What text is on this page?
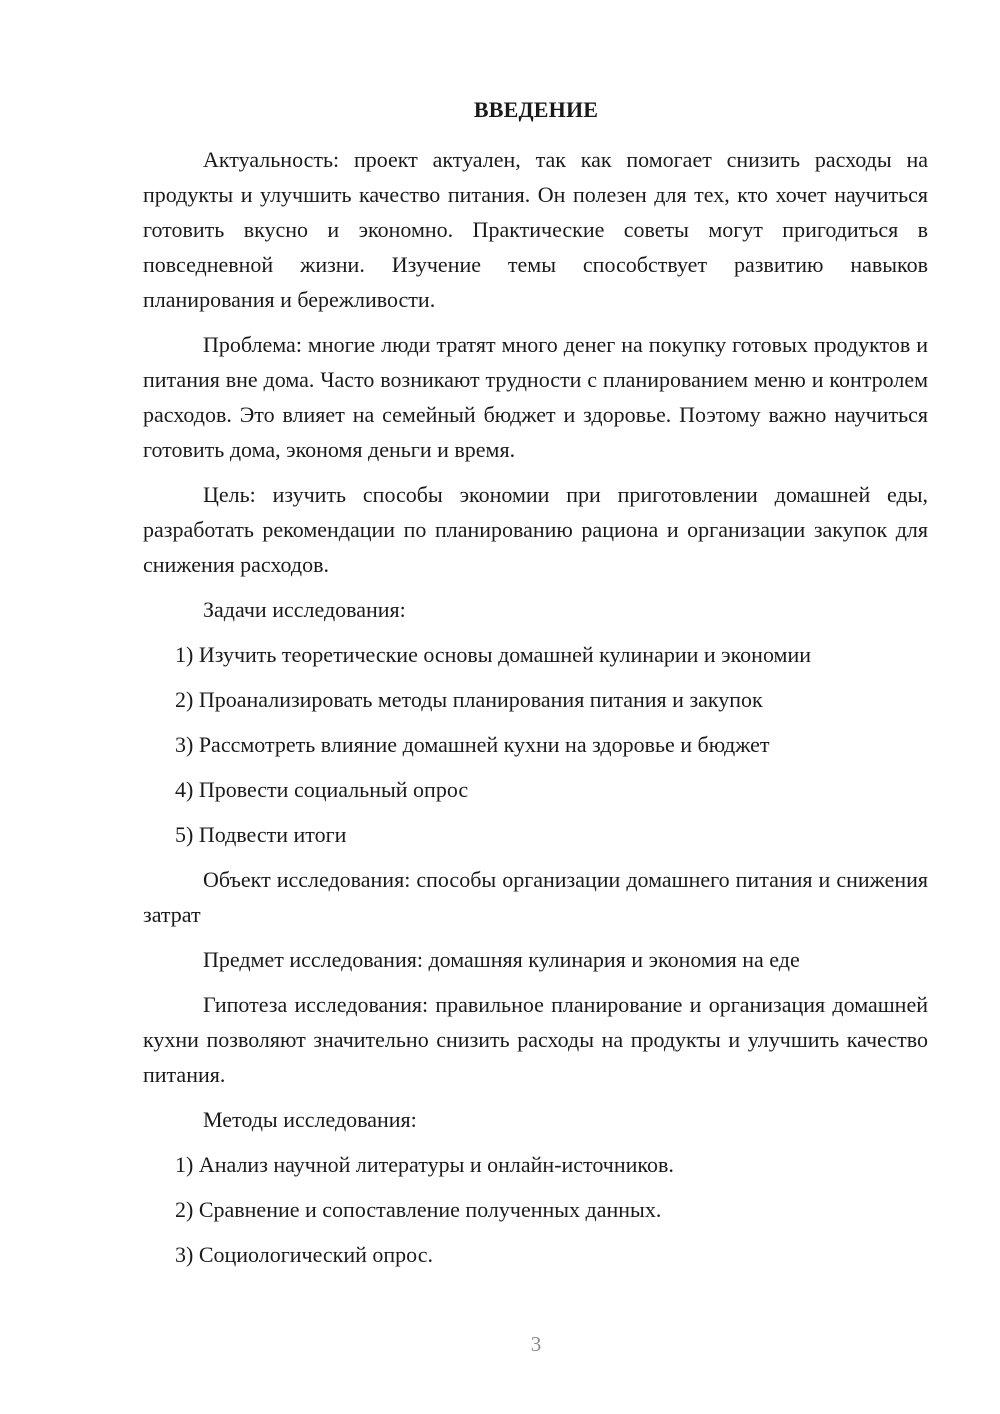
ВВЕДЕНИЕ

Актуальность: проект актуален, так как помогает снизить расходы на продукты и улучшить качество питания. Он полезен для тех, кто хочет научиться готовить вкусно и экономно. Практические советы могут пригодиться в повседневной жизни. Изучение темы способствует развитию навыков планирования и бережливости.

Проблема: многие люди тратят много денег на покупку готовых продуктов и питания вне дома. Часто возникают трудности с планированием меню и контролем расходов. Это влияет на семейный бюджет и здоровье. Поэтому важно научиться готовить дома, экономя деньги и время.

Цель: изучить способы экономии при приготовлении домашней еды, разработать рекомендации по планированию рациона и организации закупок для снижения расходов.

Задачи исследования:

1) Изучить теоретические основы домашней кулинарии и экономии

2) Проанализировать методы планирования питания и закупок

3) Рассмотреть влияние домашней кухни на здоровье и бюджет

4) Провести социальный опрос

5) Подвести итоги

Объект исследования: способы организации домашнего питания и снижения затрат

Предмет исследования: домашняя кулинария и экономия на еде

Гипотеза исследования: правильное планирование и организация домашней кухни позволяют значительно снизить расходы на продукты и улучшить качество питания.

Методы исследования:

1) Анализ научной литературы и онлайн-источников.

2) Сравнение и сопоставление полученных данных.

3) Социологический опрос.

3
